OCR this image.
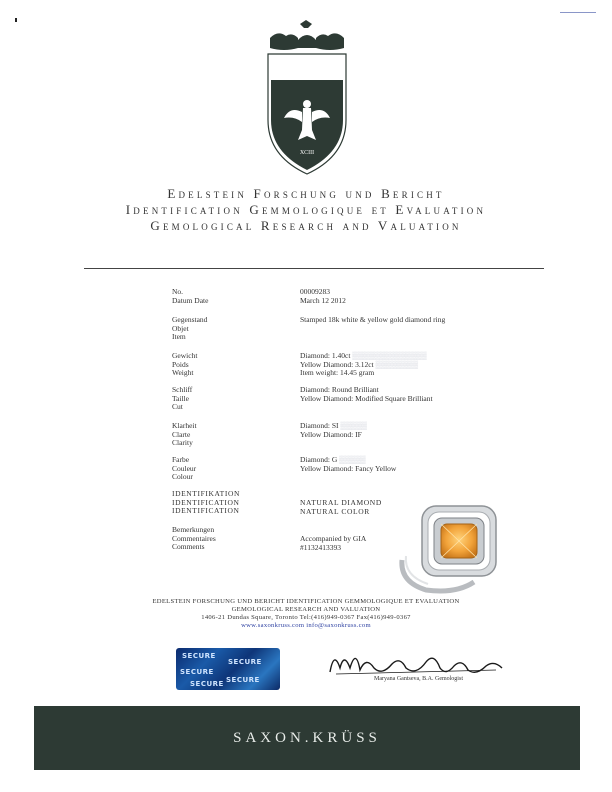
XCIII
Edelstein Forschung und Bericht
Identification Gemmologique et Evaluation
Gemological Research and Valuation
No.
Datum Date
00009283
March 12 2012
Gegenstand
Objet
Item
Stamped 18k white & yellow gold diamond ring
Gewicht
Poids
Weight
Diamond: 1.40ct ▒▒▒▒▒▒▒▒▒▒▒▒▒▒
Yellow Diamond: 3.12ct ▒▒▒▒▒▒▒▒
Item weight: 14.45 gram
Schliff
Taille
Cut
Diamond: Round Brilliant
Yellow Diamond: Modified Square Brilliant
Klarheit
Clarte
Clarity
Diamond: SI ▒▒▒▒▒
Yellow Diamond: IF
Farbe
Couleur
Colour
Diamond: G ▒▒▒▒▒
Yellow Diamond: Fancy Yellow
IDENTIFIKATION
IDENTIFICATION
IDENTIFICATION
NATURAL DIAMOND
NATURAL COLOR
Bemerkungen
Commentaires
Comments
Accompanied by GIA
#1132413393
EDELSTEIN FORSCHUNG UND BERICHT IDENTIFICATION GEMMOLOGIQUE ET EVALUATION
GEMOLOGICAL RESEARCH AND VALUATION
1406-21 Dundas Square, Toronto Tel:(416)949-0367 Fax(416)949-0367
www.saxonkruss.com info@saxonkruss.com
SECURE
SECURE
SECURE
SECURE
SECURE
Maryana Gantseva, B.A. Gemologist
SAXON.KRÜSS
